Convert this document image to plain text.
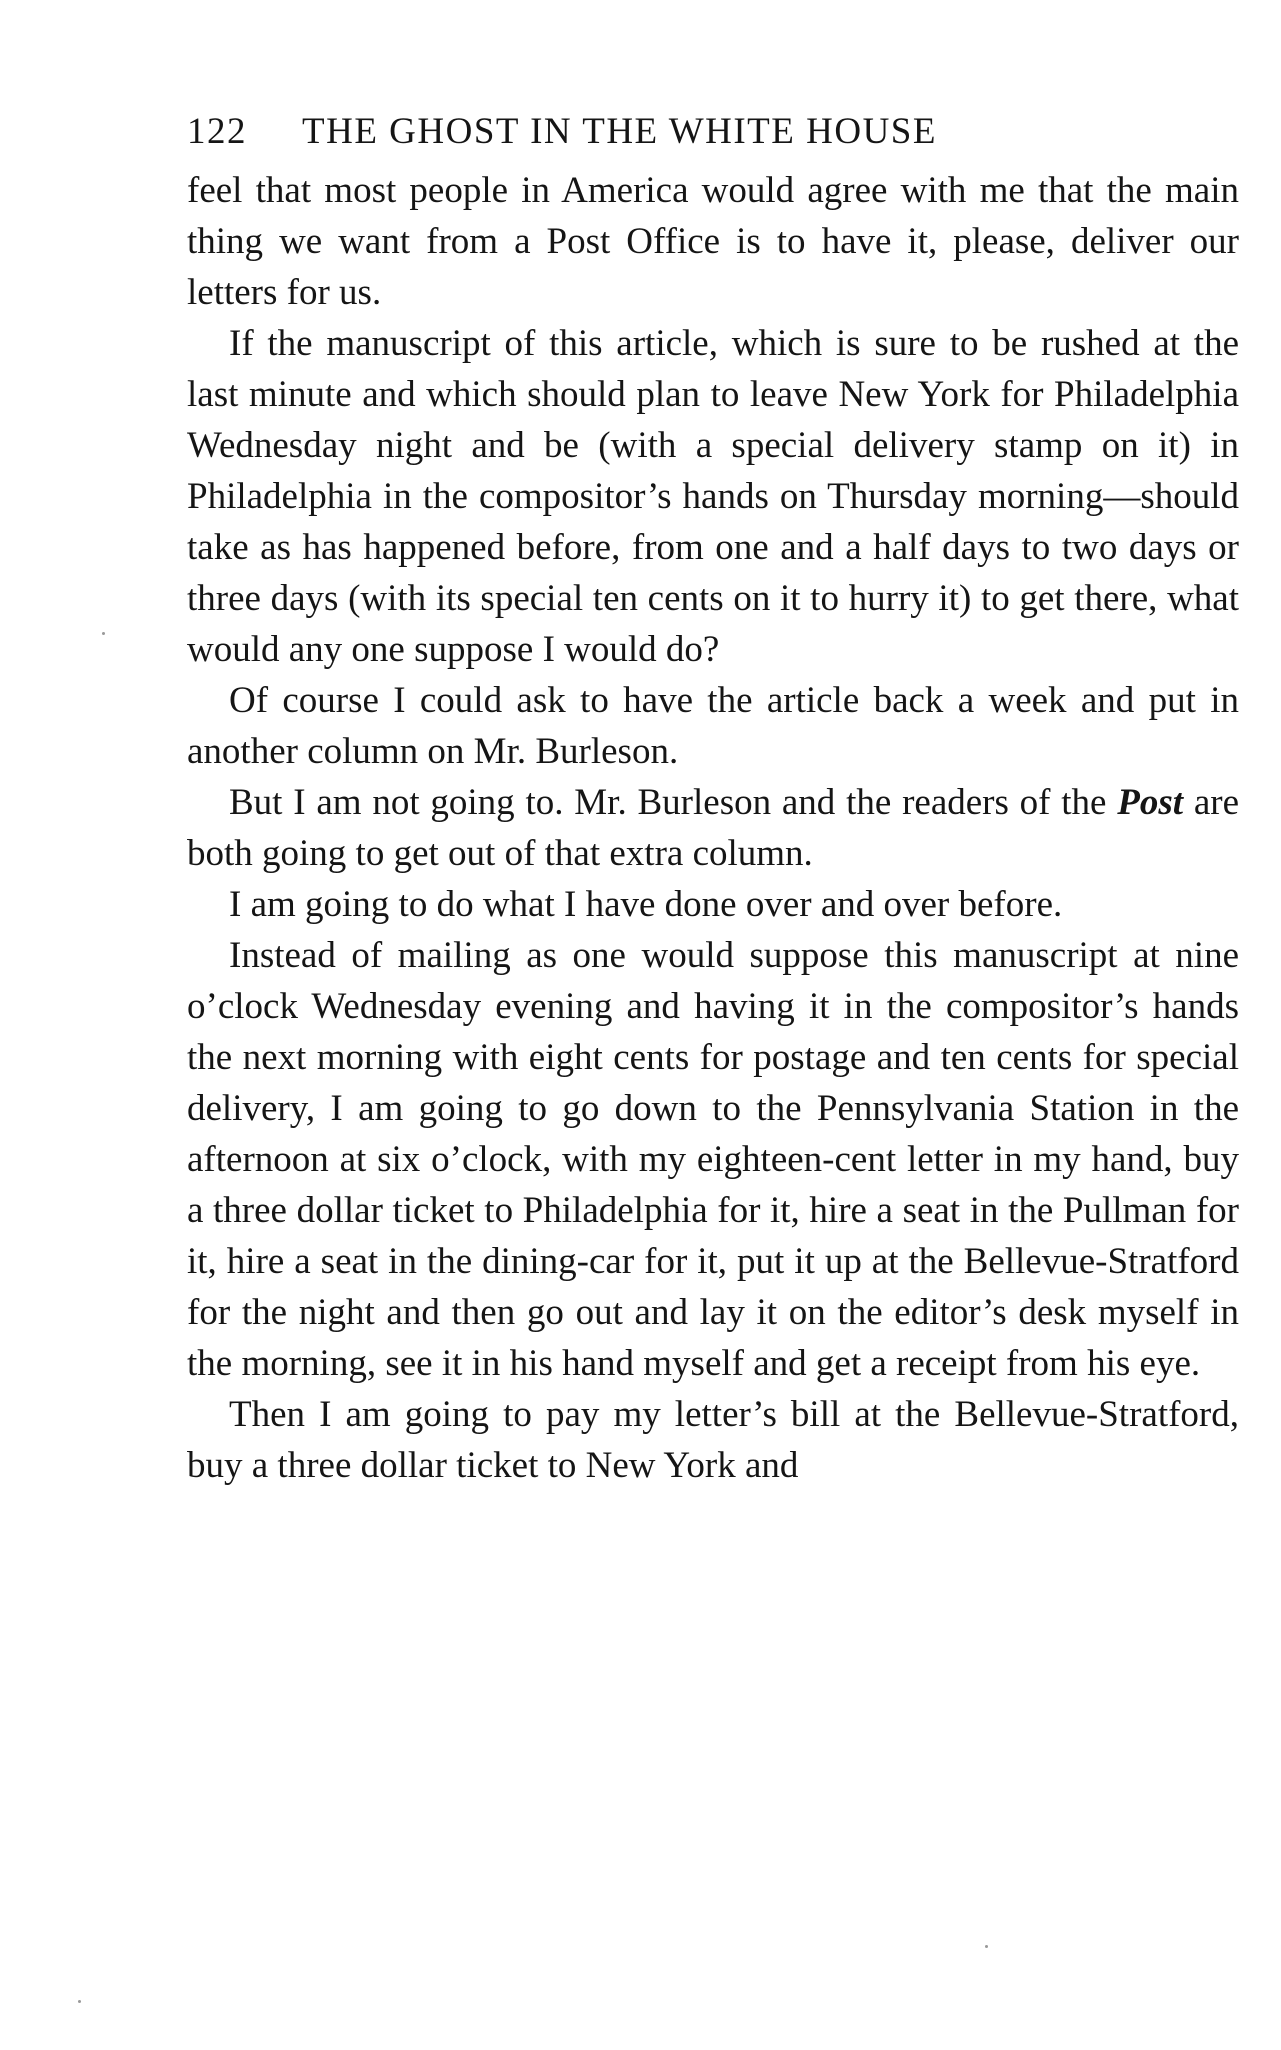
122	THE GHOST IN THE WHITE HOUSE

feel that most people in America would agree with me that the main thing we want from a Post Office is to have it, please, deliver our letters for us.

If the manuscript of this article, which is sure to be rushed at the last minute and which should plan to leave New York for Philadelphia Wednesday night and be (with a special delivery stamp on it) in Philadelphia in the compositor’s hands on Thursday morning—should take as has happened before, from one and a half days to two days or three days (with its special ten cents on it to hurry it) to get there, what would any one suppose I would do?

Of course I could ask to have the article back a week and put in another column on Mr. Burleson.

But I am not going to. Mr. Burleson and the readers of the Post are both going to get out of that extra column.

I am going to do what I have done over and over before.

Instead of mailing as one would suppose this manuscript at nine o’clock Wednesday evening and having it in the compositor’s hands the next morning with eight cents for postage and ten cents for special delivery, I am going to go down to the Pennsylvania Station in the afternoon at six o’clock, with my eighteen-cent letter in my hand, buy a three dollar ticket to Philadelphia for it, hire a seat in the Pullman for it, hire a seat in the dining-car for it, put it up at the Bellevue-Stratford for the night and then go out and lay it on the editor’s desk myself in the morning, see it in his hand myself and get a receipt from his eye.

Then I am going to pay my letter’s bill at the Bellevue-Stratford, buy a three dollar ticket to New York and
